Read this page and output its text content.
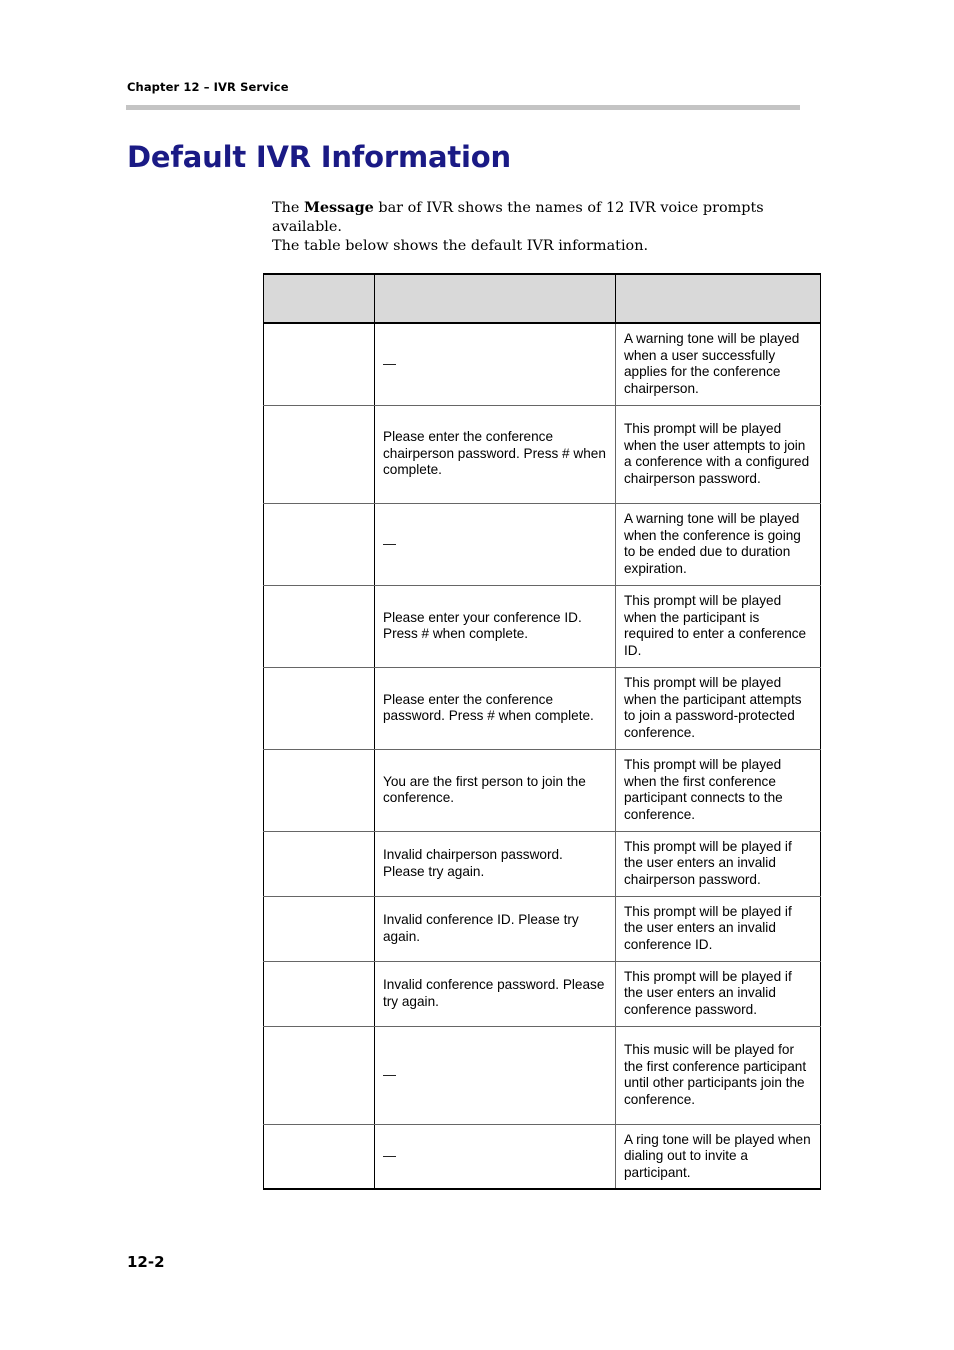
Chapter 12 – IVR Service
Default IVR Information

The Message bar of IVR shows the names of 12 IVR voice prompts available.
The table below shows the default IVR information.

	—	A warning tone will be played when a user successfully applies for the conference chairperson.
	Please enter the conference chairperson password. Press # when complete.	This prompt will be played when the user attempts to join a conference with a configured chairperson password.
	—	A warning tone will be played when the conference is going to be ended due to duration expiration.
	Please enter your conference ID. Press # when complete.	This prompt will be played when the participant is required to enter a conference ID.
	Please enter the conference password. Press # when complete.	This prompt will be played when the participant attempts to join a password-protected conference.
	You are the first person to join the conference.	This prompt will be played when the first conference participant connects to the conference.
	Invalid chairperson password. Please try again.	This prompt will be played if the user enters an invalid chairperson password.
	Invalid conference ID. Please try again.	This prompt will be played if the user enters an invalid conference ID.
	Invalid conference password. Please try again.	This prompt will be played if the user enters an invalid conference password.
	—	This music will be played for the first conference participant until other participants join the conference.
	—	A ring tone will be played when dialing out to invite a participant.
12-2
